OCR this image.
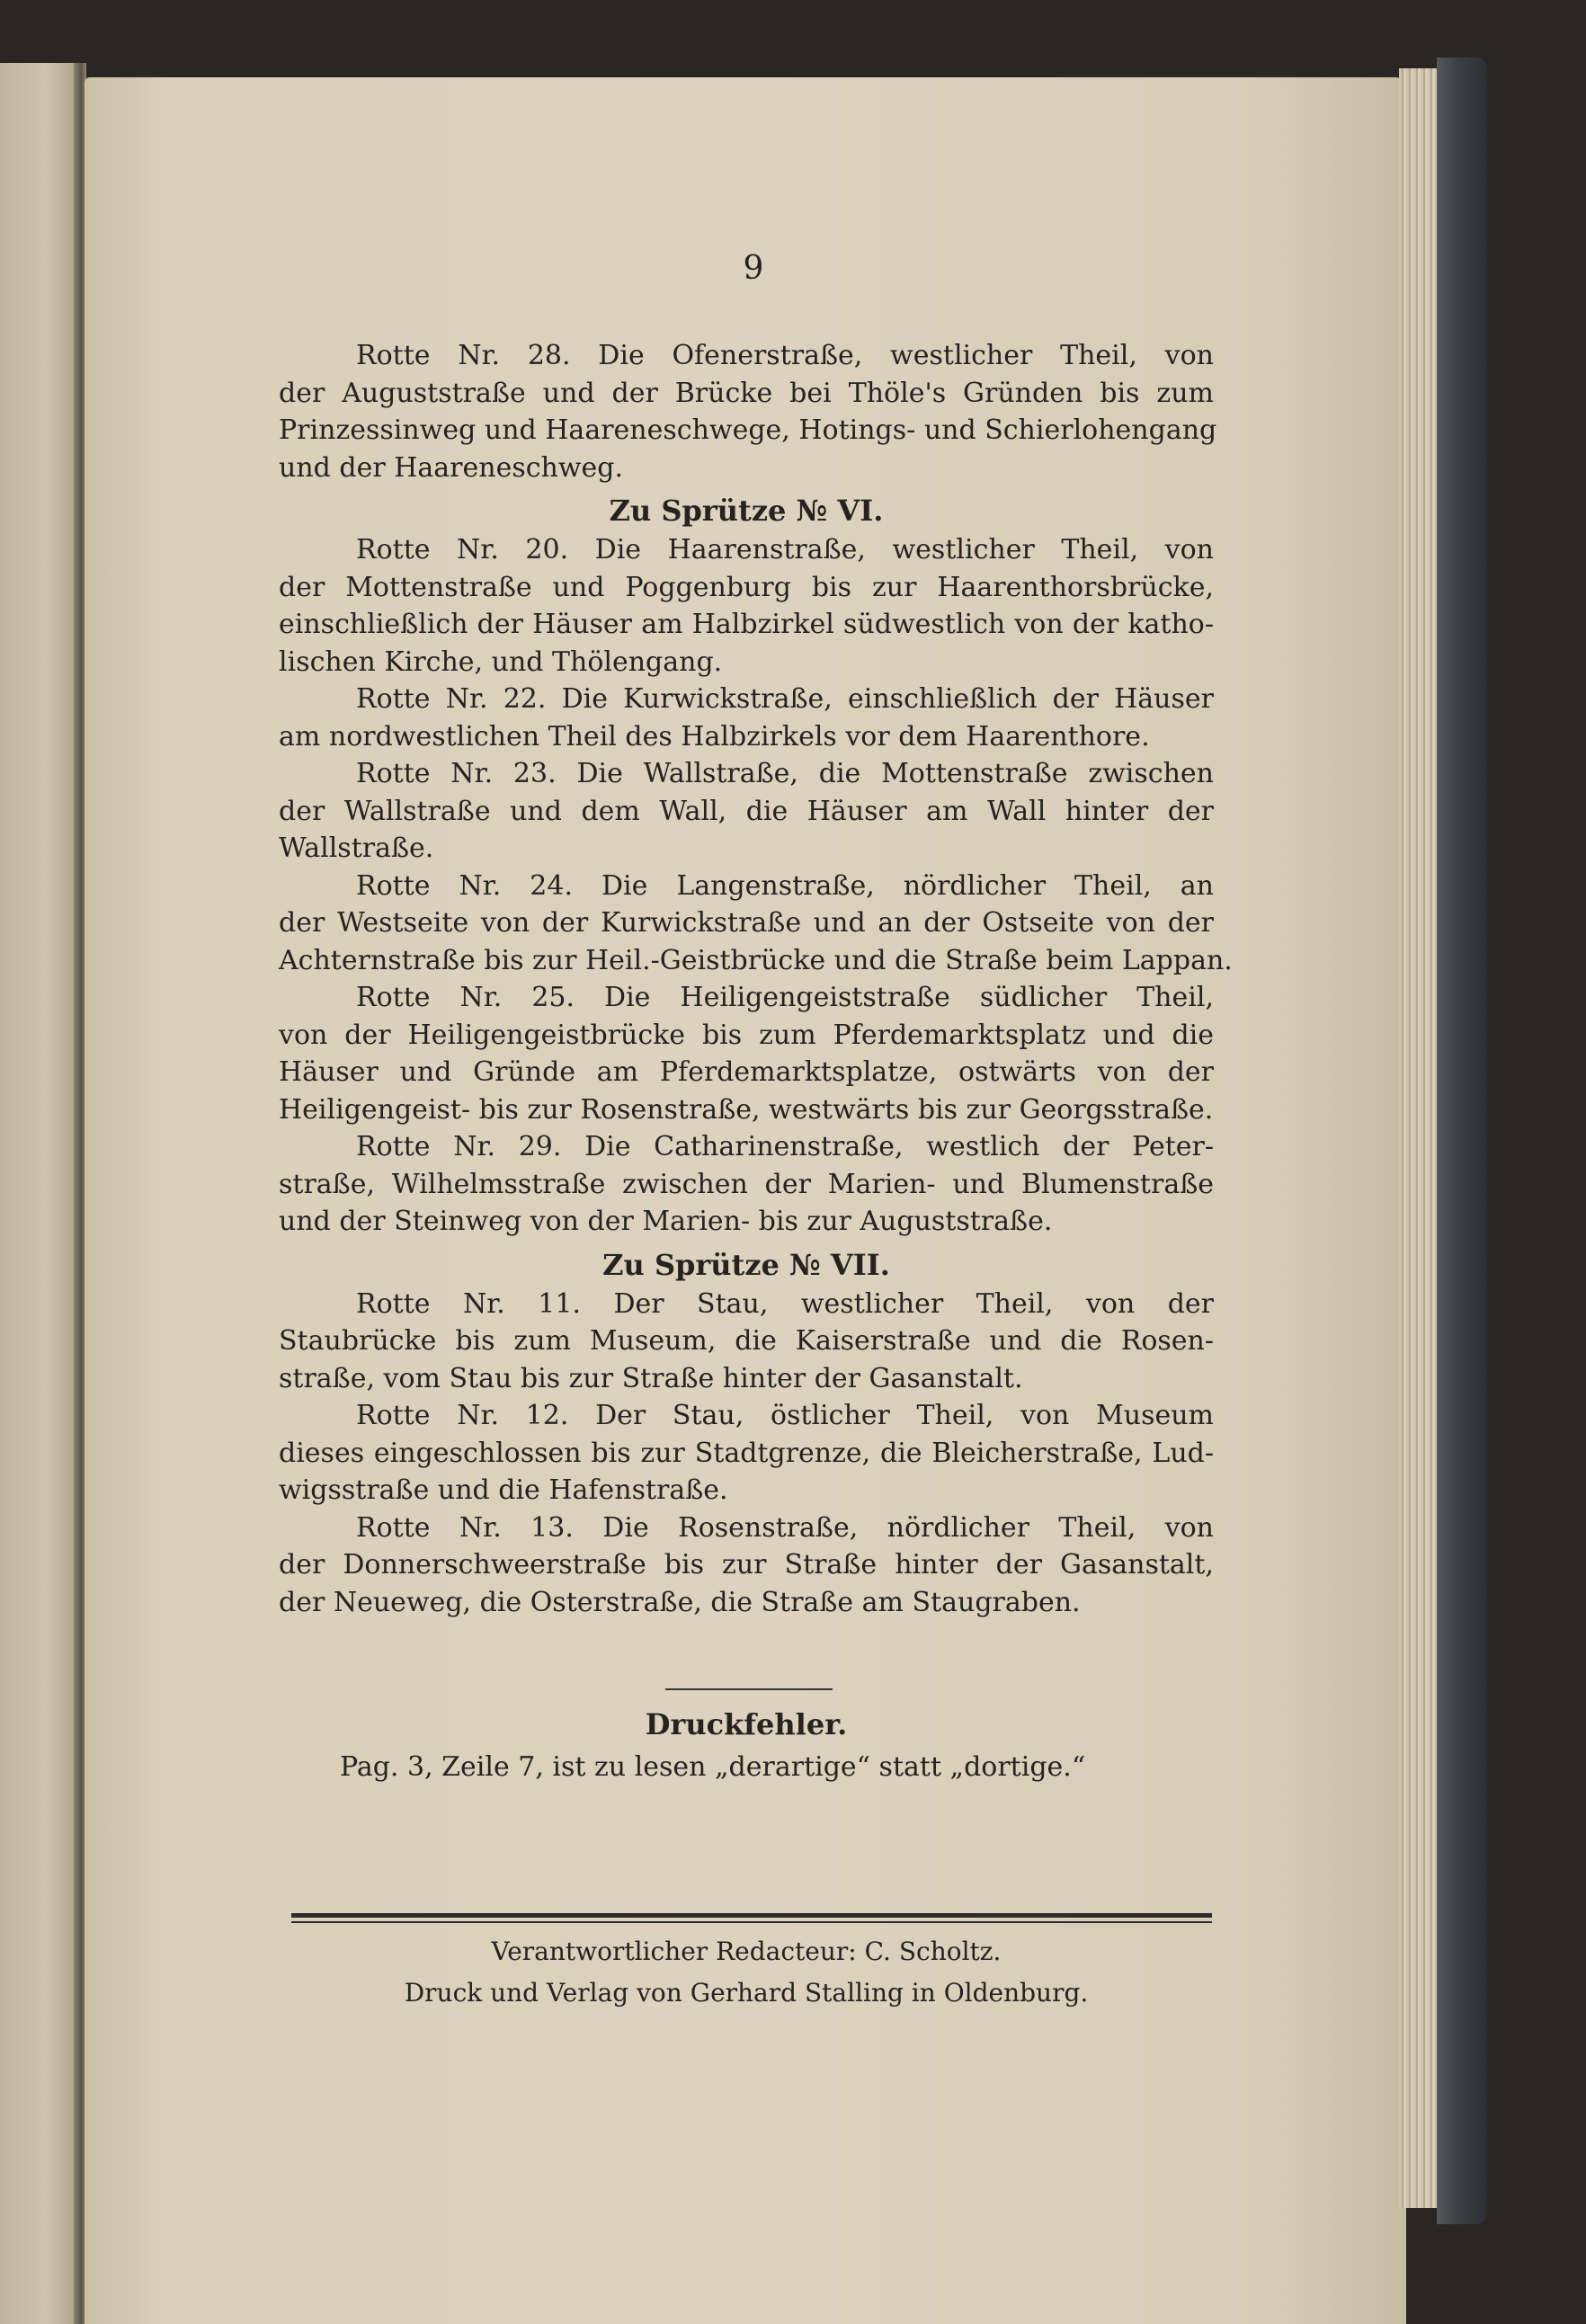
9
Rotte Nr. 28. Die Ofenerstraße, westlicher Theil, von
der Auguststraße und der Brücke bei Thöle's Gründen bis zum
Prinzessinweg und Haareneschwege, Hotings- und Schierlohengang
und der Haareneschweg.
Zu Sprütze № VI.
Rotte Nr. 20. Die Haarenstraße, westlicher Theil, von
der Mottenstraße und Poggenburg bis zur Haarenthorsbrücke,
einschließlich der Häuser am Halbzirkel südwestlich von der katho-
lischen Kirche, und Thölengang.
Rotte Nr. 22. Die Kurwickstraße, einschließlich der Häuser
am nordwestlichen Theil des Halbzirkels vor dem Haarenthore.
Rotte Nr. 23. Die Wallstraße, die Mottenstraße zwischen
der Wallstraße und dem Wall, die Häuser am Wall hinter der
Wallstraße.
Rotte Nr. 24. Die Langenstraße, nördlicher Theil, an
der Westseite von der Kurwickstraße und an der Ostseite von der
Achternstraße bis zur Heil.-Geistbrücke und die Straße beim Lappan.
Rotte Nr. 25. Die Heiligengeiststraße südlicher Theil,
von der Heiligengeistbrücke bis zum Pferdemarktsplatz und die
Häuser und Gründe am Pferdemarktsplatze, ostwärts von der
Heiligengeist- bis zur Rosenstraße, westwärts bis zur Georgsstraße.
Rotte Nr. 29. Die Catharinenstraße, westlich der Peter-
straße, Wilhelmsstraße zwischen der Marien- und Blumenstraße
und der Steinweg von der Marien- bis zur Auguststraße.
Zu Sprütze № VII.
Rotte Nr. 11. Der Stau, westlicher Theil, von der
Staubrücke bis zum Museum, die Kaiserstraße und die Rosen-
straße, vom Stau bis zur Straße hinter der Gasanstalt.
Rotte Nr. 12. Der Stau, östlicher Theil, von Museum
dieses eingeschlossen bis zur Stadtgrenze, die Bleicherstraße, Lud-
wigsstraße und die Hafenstraße.
Rotte Nr. 13. Die Rosenstraße, nördlicher Theil, von
der Donnerschweerstraße bis zur Straße hinter der Gasanstalt,
der Neueweg, die Osterstraße, die Straße am Staugraben.
Druckfehler.
Pag. 3, Zeile 7, ist zu lesen „derartige“ statt „dortige.“
Verantwortlicher Redacteur: C. Scholtz.
Druck und Verlag von Gerhard Stalling in Oldenburg.
